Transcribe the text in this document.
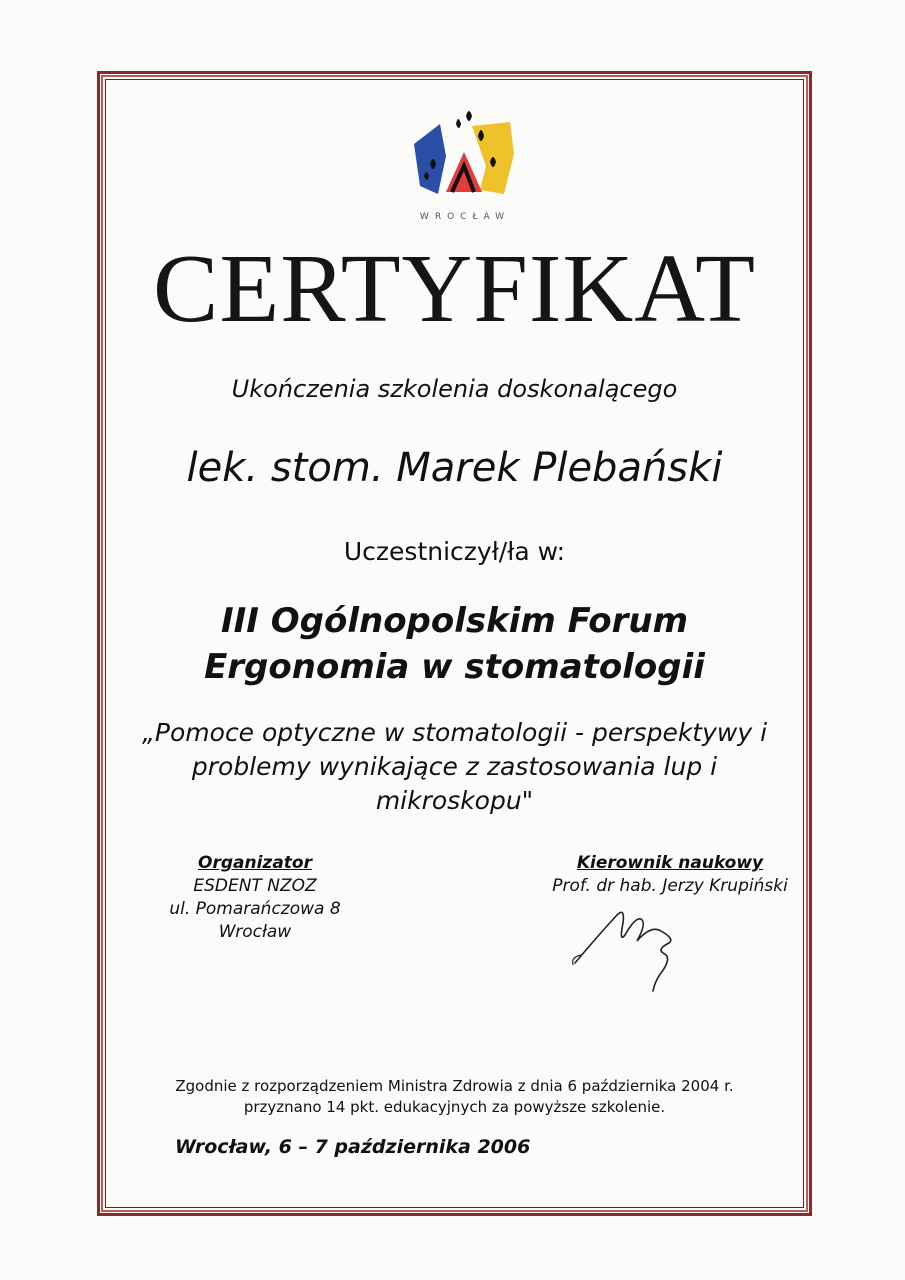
WROCŁAW
CERTYFIKAT
Ukończenia szkolenia doskonalącego
lek. stom. Marek Plebański
Uczestniczył/ła w:
III Ogólnopolskim Forum
Ergonomia w stomatologii
„Pomoce optyczne w stomatologii - perspektywy i
problemy wynikające z zastosowania lup i
mikroskopu"
Organizator
ESDENT NZOZ
ul. Pomarańczowa 8
Wrocław
Kierownik naukowy
Prof. dr hab. Jerzy Krupiński
Zgodnie z rozporządzeniem Ministra Zdrowia z dnia 6 października 2004 r.
przyznano 14 pkt. edukacyjnych za powyższe szkolenie.
Wrocław, 6 – 7 października 2006
